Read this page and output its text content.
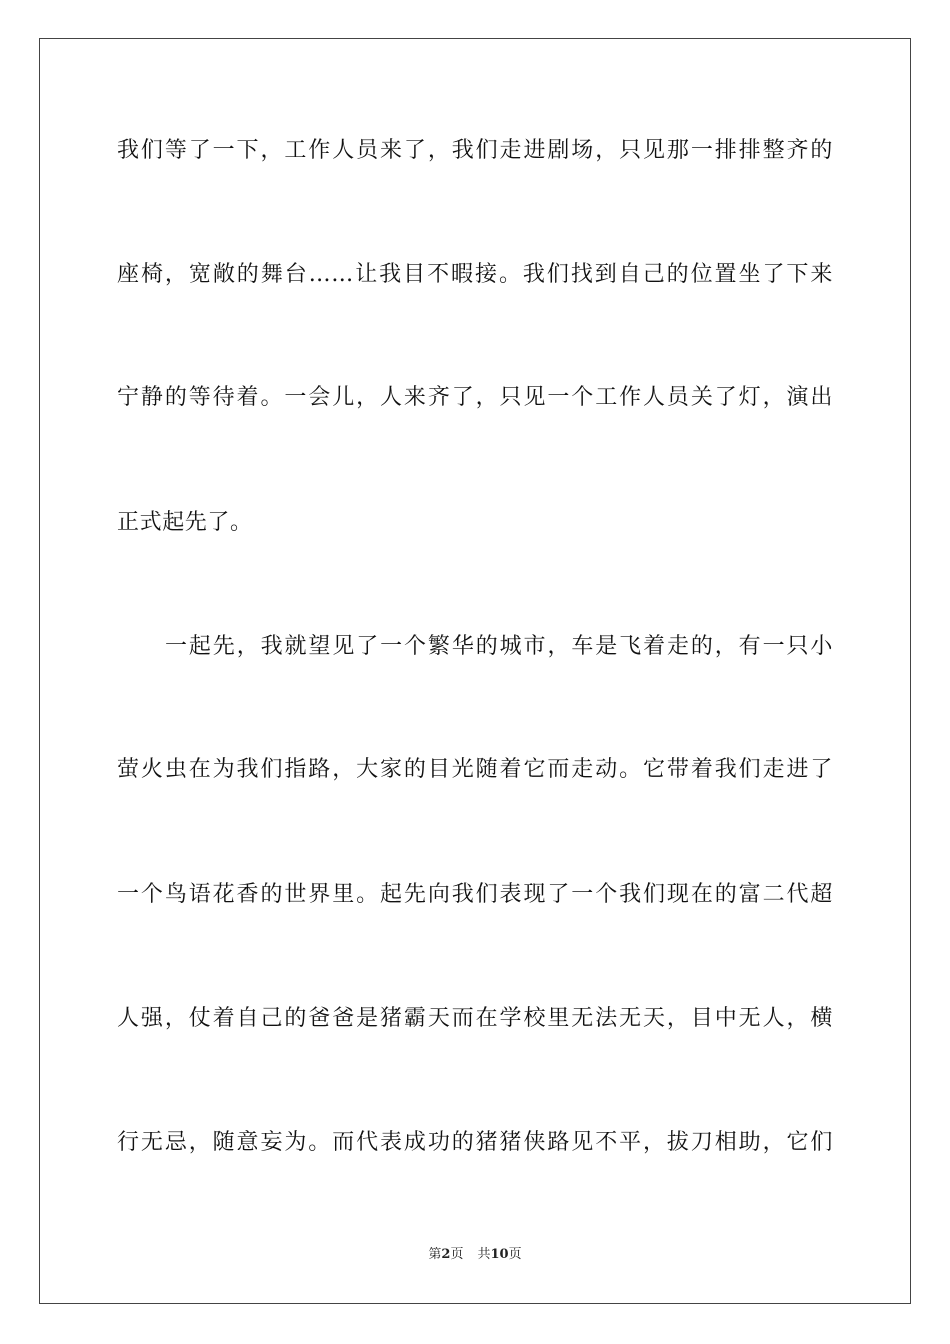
我们等了一下，工作人员来了，我们走进剧场，只见那一排排整齐的
座椅，宽敞的舞台……让我目不暇接。我们找到自己的位置坐了下来
宁静的等待着。一会儿，人来齐了，只见一个工作人员关了灯，演出
正式起先了。
一起先，我就望见了一个繁华的城市，车是飞着走的，有一只小
萤火虫在为我们指路，大家的目光随着它而走动。它带着我们走进了
一个鸟语花香的世界里。起先向我们表现了一个我们现在的富二代超
人强，仗着自己的爸爸是猪霸天而在学校里无法无天，目中无人，横
行无忌，随意妄为。而代表成功的猪猪侠路见不平，拔刀相助，它们
第2页 共10页
